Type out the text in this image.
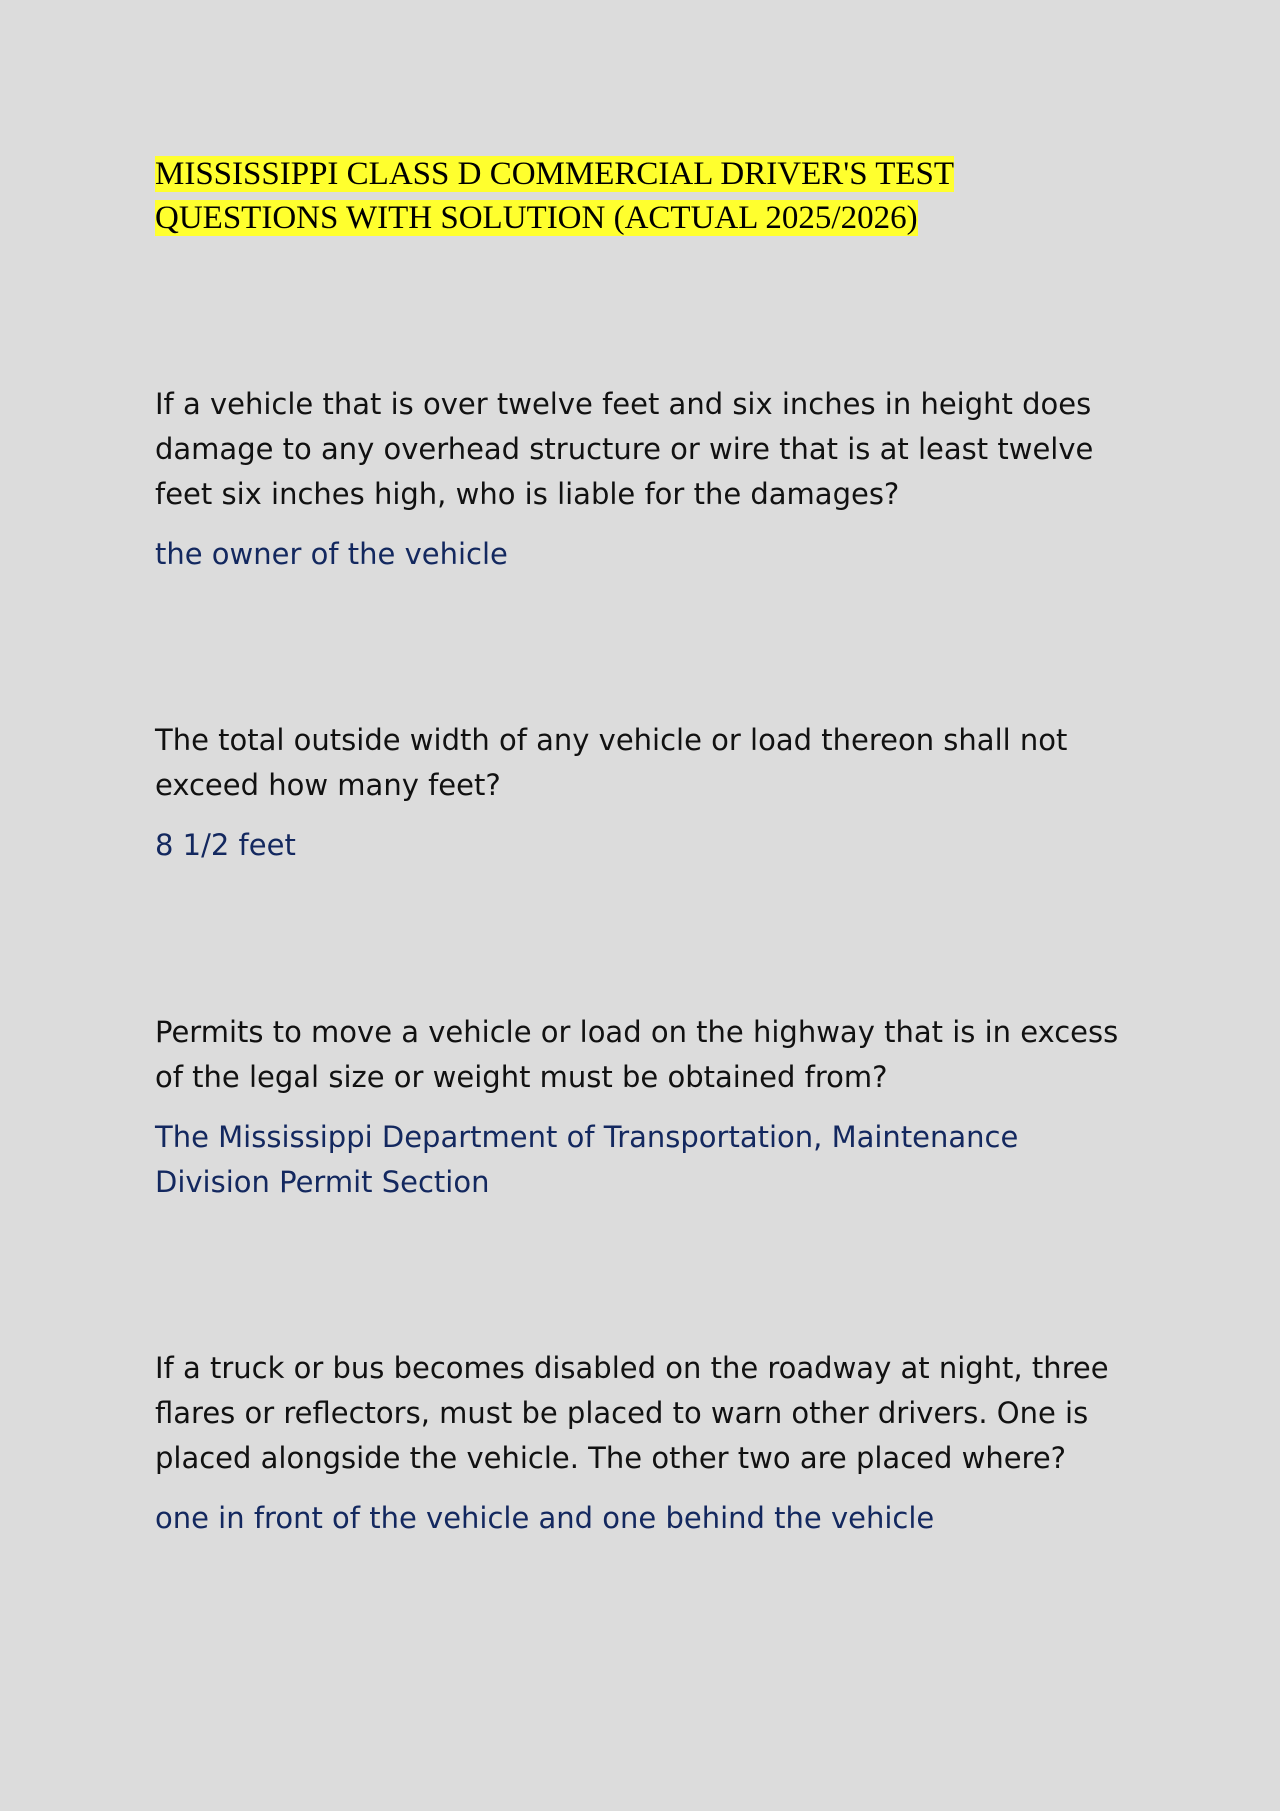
MISSISSIPPI CLASS D COMMERCIAL DRIVER'S TEST QUESTIONS WITH SOLUTION (ACTUAL 2025/2026)

If a vehicle that is over twelve feet and six inches in height does damage to any overhead structure or wire that is at least twelve feet six inches high, who is liable for the damages?

the owner of the vehicle

The total outside width of any vehicle or load thereon shall not exceed how many feet?

8 1/2 feet

Permits to move a vehicle or load on the highway that is in excess of the legal size or weight must be obtained from?

The Mississippi Department of Transportation, Maintenance Division Permit Section

If a truck or bus becomes disabled on the roadway at night, three flares or reflectors, must be placed to warn other drivers. One is placed alongside the vehicle. The other two are placed where?

one in front of the vehicle and one behind the vehicle
